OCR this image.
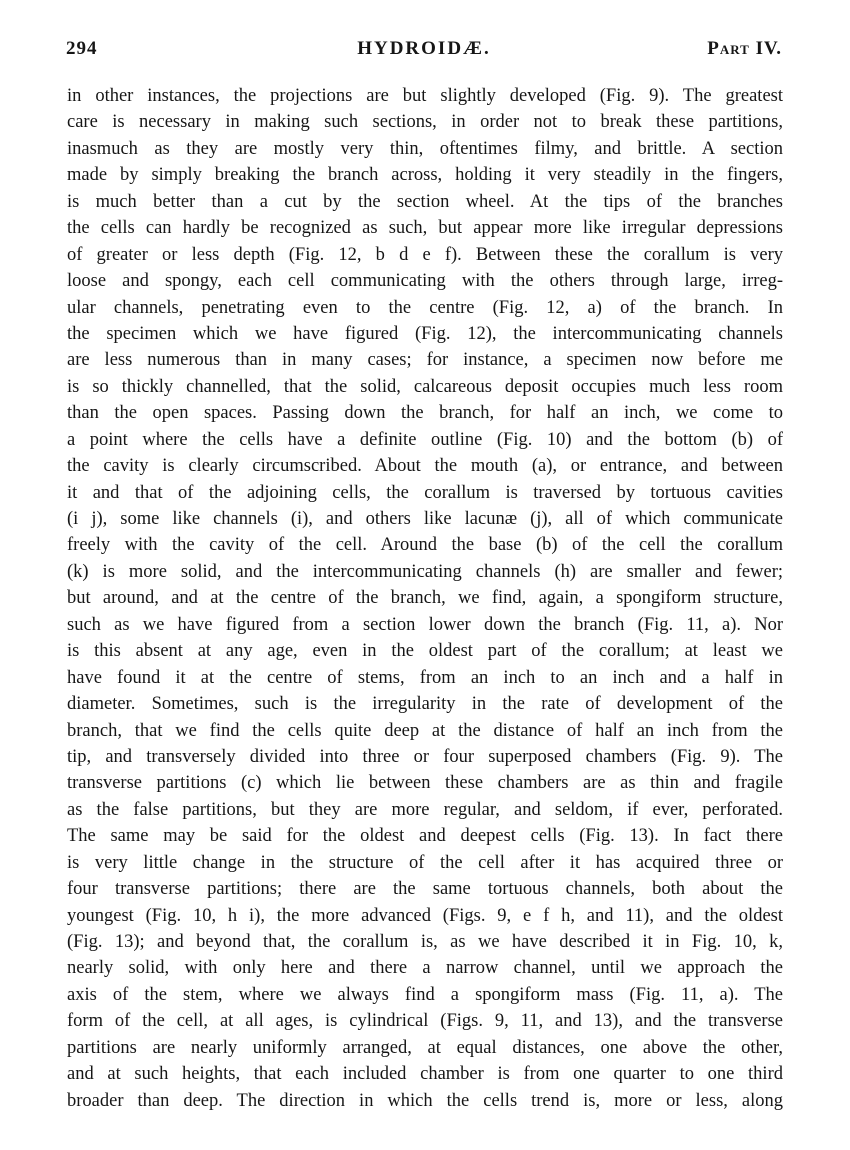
294	HYDROIDÆ.	Part IV.
in other instances, the projections are but slightly developed (Fig. 9). The greatest
care is necessary in making such sections, in order not to break these partitions,
inasmuch as they are mostly very thin, oftentimes filmy, and brittle. A section
made by simply breaking the branch across, holding it very steadily in the fingers,
is much better than a cut by the section wheel. At the tips of the branches
the cells can hardly be recognized as such, but appear more like irregular depressions
of greater or less depth (Fig. 12, b d e f). Between these the corallum is very
loose and spongy, each cell communicating with the others through large, irreg-
ular channels, penetrating even to the centre (Fig. 12, a) of the branch. In
the specimen which we have figured (Fig. 12), the intercommunicating channels
are less numerous than in many cases; for instance, a specimen now before me
is so thickly channelled, that the solid, calcareous deposit occupies much less room
than the open spaces. Passing down the branch, for half an inch, we come to
a point where the cells have a definite outline (Fig. 10) and the bottom (b) of
the cavity is clearly circumscribed. About the mouth (a), or entrance, and between
it and that of the adjoining cells, the corallum is traversed by tortuous cavities
(i j), some like channels (i), and others like lacunæ (j), all of which communicate
freely with the cavity of the cell. Around the base (b) of the cell the corallum
(k) is more solid, and the intercommunicating channels (h) are smaller and fewer;
but around, and at the centre of the branch, we find, again, a spongiform structure,
such as we have figured from a section lower down the branch (Fig. 11, a). Nor
is this absent at any age, even in the oldest part of the corallum; at least we
have found it at the centre of stems, from an inch to an inch and a half in
diameter. Sometimes, such is the irregularity in the rate of development of the
branch, that we find the cells quite deep at the distance of half an inch from the
tip, and transversely divided into three or four superposed chambers (Fig. 9). The
transverse partitions (c) which lie between these chambers are as thin and fragile
as the false partitions, but they are more regular, and seldom, if ever, perforated.
The same may be said for the oldest and deepest cells (Fig. 13). In fact there
is very little change in the structure of the cell after it has acquired three or
four transverse partitions; there are the same tortuous channels, both about the
youngest (Fig. 10, h i), the more advanced (Figs. 9, e f h, and 11), and the oldest
(Fig. 13); and beyond that, the corallum is, as we have described it in Fig. 10, k,
nearly solid, with only here and there a narrow channel, until we approach the
axis of the stem, where we always find a spongiform mass (Fig. 11, a). The
form of the cell, at all ages, is cylindrical (Figs. 9, 11, and 13), and the transverse
partitions are nearly uniformly arranged, at equal distances, one above the other,
and at such heights, that each included chamber is from one quarter to one third
broader than deep. The direction in which the cells trend is, more or less, along
